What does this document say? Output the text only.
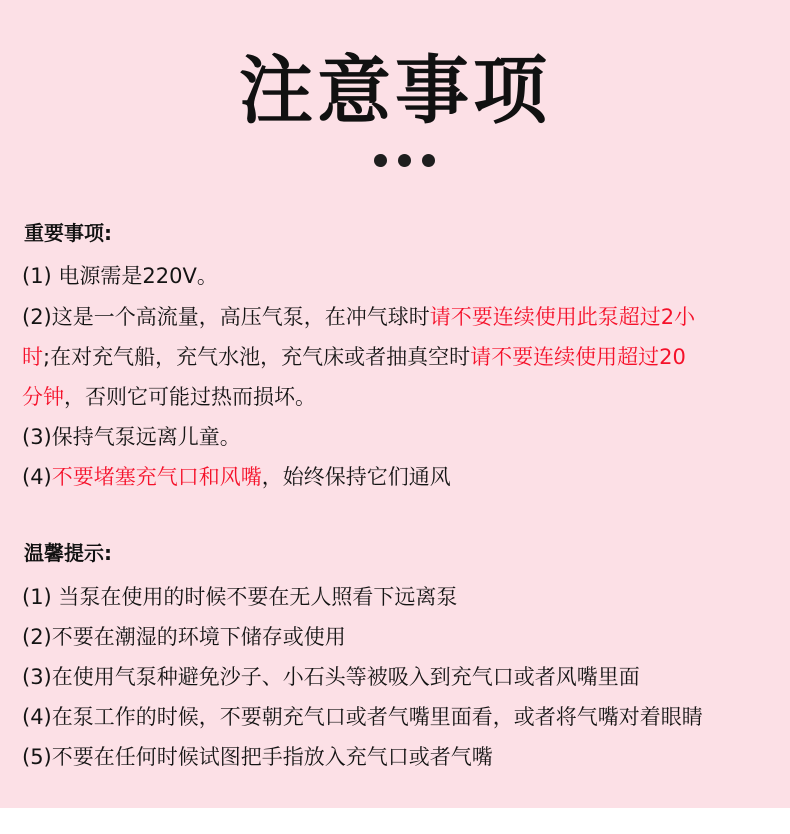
注意事项
重要事项:

(1) 电源需是220V。

(2)这是一个高流量，高压气泵，在冲气球时请不要连续使用此泵超过2小

时;在对充气船，充气水池，充气床或者抽真空时请不要连续使用超过20

分钟，否则它可能过热而损坏。

(3)保持气泵远离儿童。

(4)不要堵塞充气口和风嘴，始终保持它们通风

温馨提示:

(1) 当泵在使用的时候不要在无人照看下远离泵

(2)不要在潮湿的环境下储存或使用

(3)在使用气泵种避免沙子、小石头等被吸入到充气口或者风嘴里面

(4)在泵工作的时候，不要朝充气口或者气嘴里面看，或者将气嘴对着眼睛

(5)不要在任何时候试图把手指放入充气口或者气嘴
